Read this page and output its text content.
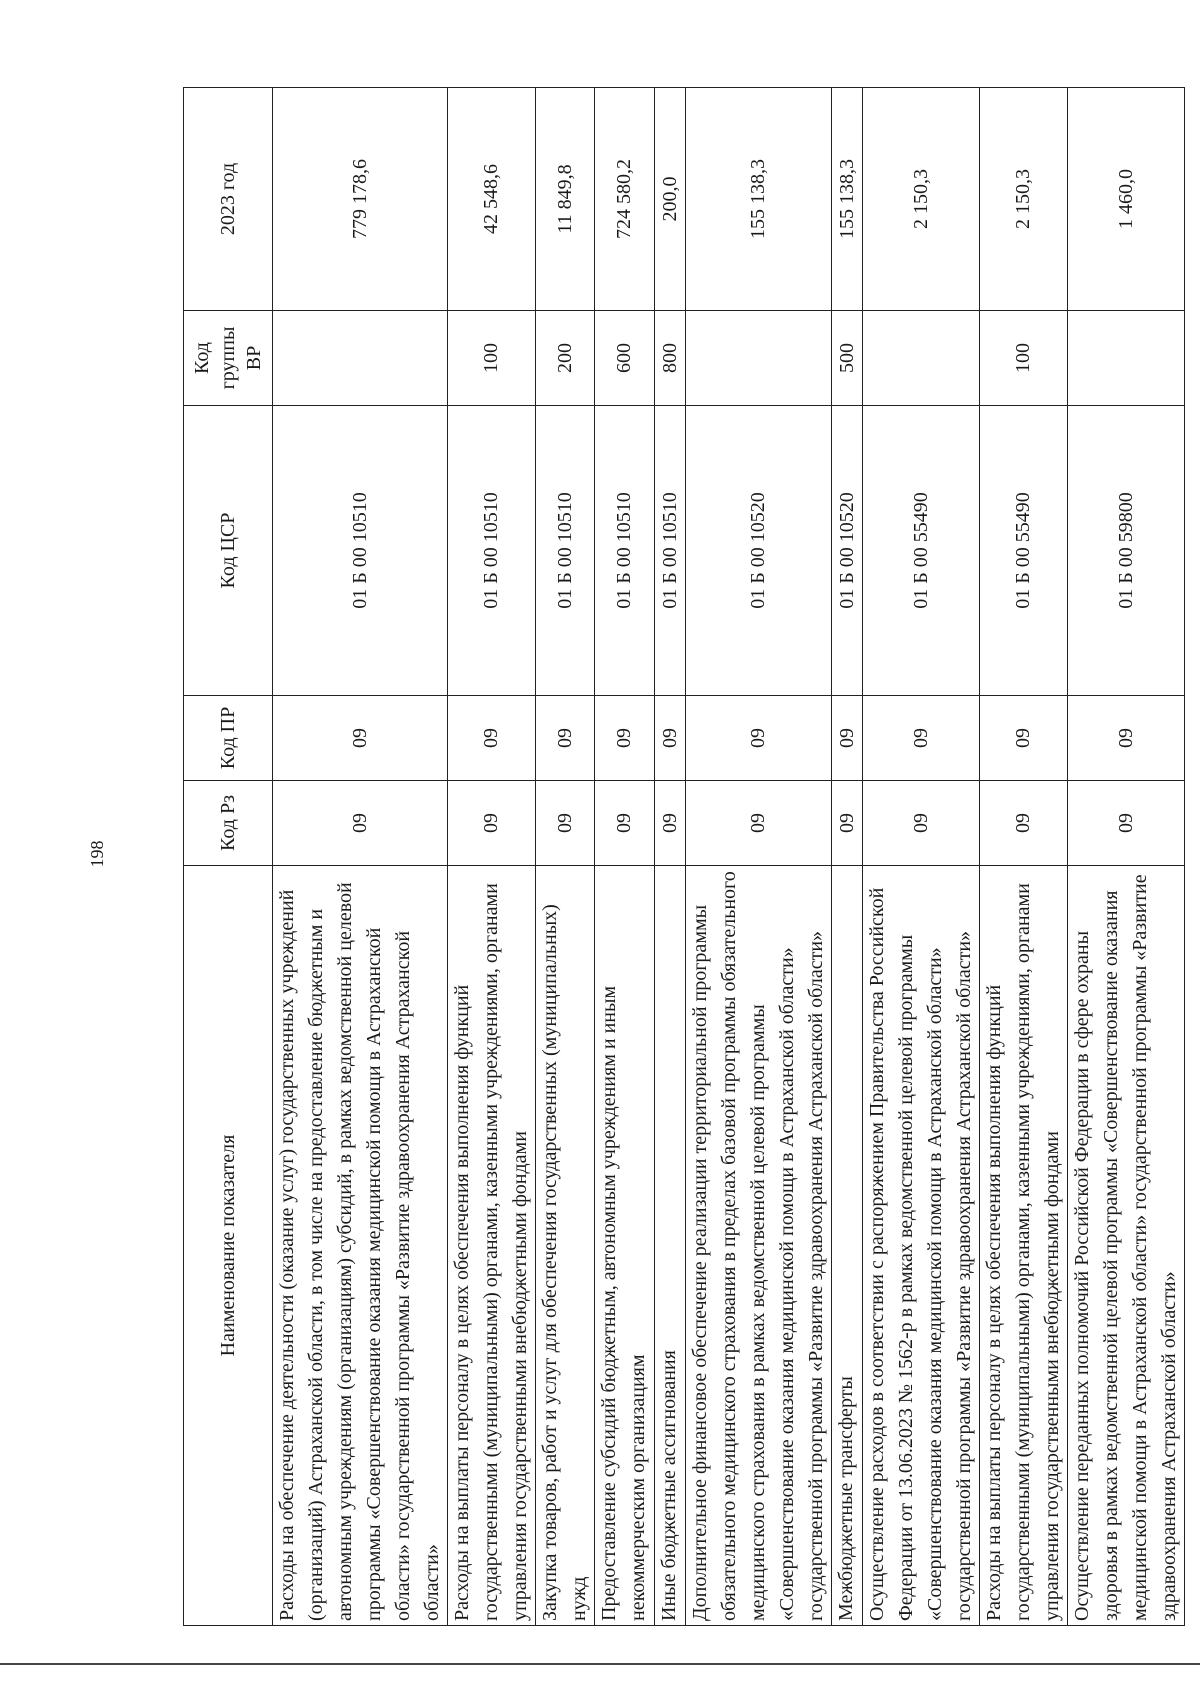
198
Наименование показателя	Код Рз	Код ПР	Код ЦСР	Код группы ВР	2023 год
Расходы на обеспечение деятельности (оказание услуг) государственных учреждений (организаций) Астраханской области, в том числе на предоставление бюджетным и автономным учреждениям (организациям) субсидий, в рамках ведомственной целевой программы «Совершенствование оказания медицинской помощи в Астраханской области» государственной программы «Развитие здравоохранения Астраханской области»	09	09	01 Б 00 10510		779 178,6
Расходы на выплаты персоналу в целях обеспечения выполнения функций государственными (муниципальными) органами, казенными учреждениями, органами управления государственными внебюджетными фондами	09	09	01 Б 00 10510	100	42 548,6
Закупка товаров, работ и услуг для обеспечения государственных (муниципальных) нужд	09	09	01 Б 00 10510	200	11 849,8
Предоставление субсидий бюджетным, автономным учреждениям и иным некоммерческим организациям	09	09	01 Б 00 10510	600	724 580,2
Иные бюджетные ассигнования	09	09	01 Б 00 10510	800	200,0
Дополнительное финансовое обеспечение реализации территориальной программы обязательного медицинского страхования в пределах базовой программы обязательного медицинского страхования в рамках ведомственной целевой программы «Совершенствование оказания медицинской помощи в Астраханской области» государственной программы «Развитие здравоохранения Астраханской области»	09	09	01 Б 00 10520		155 138,3
Межбюджетные трансферты	09	09	01 Б 00 10520	500	155 138,3
Осуществление расходов в соответствии с распоряжением Правительства Российской Федерации от 13.06.2023 № 1562-р в рамках ведомственной целевой программы «Совершенствование оказания медицинской помощи в Астраханской области» государственной программы «Развитие здравоохранения Астраханской области»	09	09	01 Б 00 55490		2 150,3
Расходы на выплаты персоналу в целях обеспечения выполнения функций государственными (муниципальными) органами, казенными учреждениями, органами управления государственными внебюджетными фондами	09	09	01 Б 00 55490	100	2 150,3
Осуществление переданных полномочий Российской Федерации в сфере охраны здоровья в рамках ведомственной целевой программы «Совершенствование оказания медицинской помощи в Астраханской области» государственной программы «Развитие здравоохранения Астраханской области»	09	09	01 Б 00 59800		1 460,0
